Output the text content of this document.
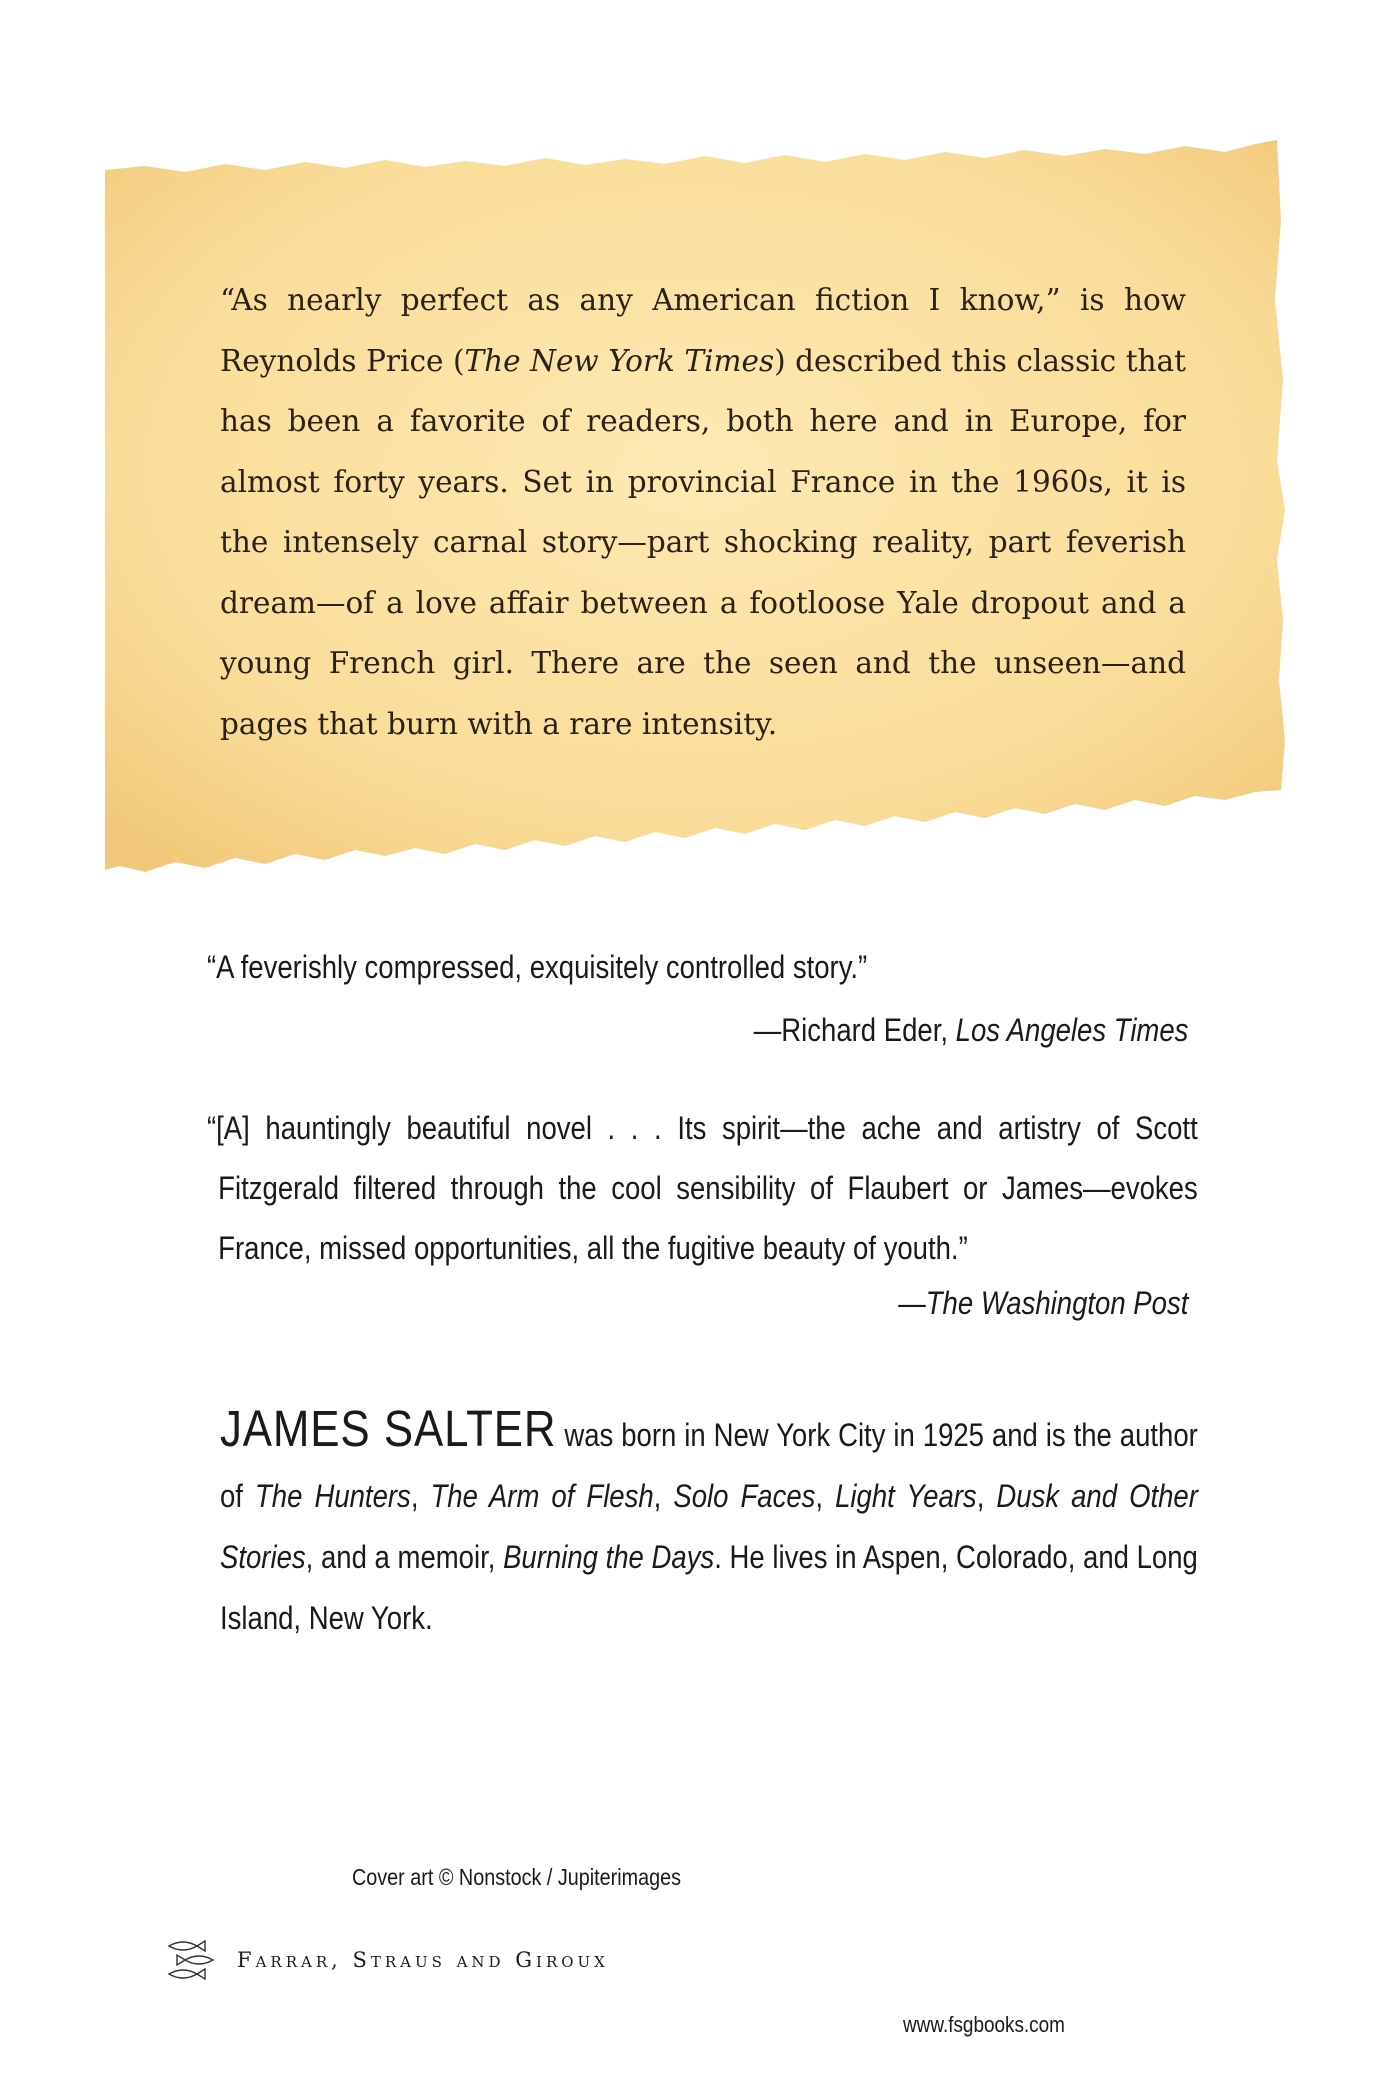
“As nearly perfect as any American fiction I know,” is how Reynolds Price (The New York Times) described this classic that has been a favorite of readers, both here and in Europe, for almost forty years. Set in provincial France in the 1960s, it is the intensely carnal story—part shocking reality, part feverish dream—of a love affair between a footloose Yale dropout and a young French girl. There are the seen and the unseen—and pages that burn with a rare intensity.
“A feverishly compressed, exquisitely controlled story.”
—Richard Eder, Los Angeles Times
“[A] hauntingly beautiful novel . . . Its spirit—the ache and artistry of Scott Fitzgerald filtered through the cool sensibility of Flaubert or James—evokes France, missed opportunities, all the fugitive beauty of youth.”
—The Washington Post
JAMES SALTER was born in New York City in 1925 and is the author of The Hunters, The Arm of Flesh, Solo Faces, Light Years, Dusk and Other Stories, and a memoir, Burning the Days. He lives in Aspen, Colorado, and Long Island, New York.
Cover art © Nonstock / Jupiterimages
Farrar, Straus and Giroux
www.fsgbooks.com
